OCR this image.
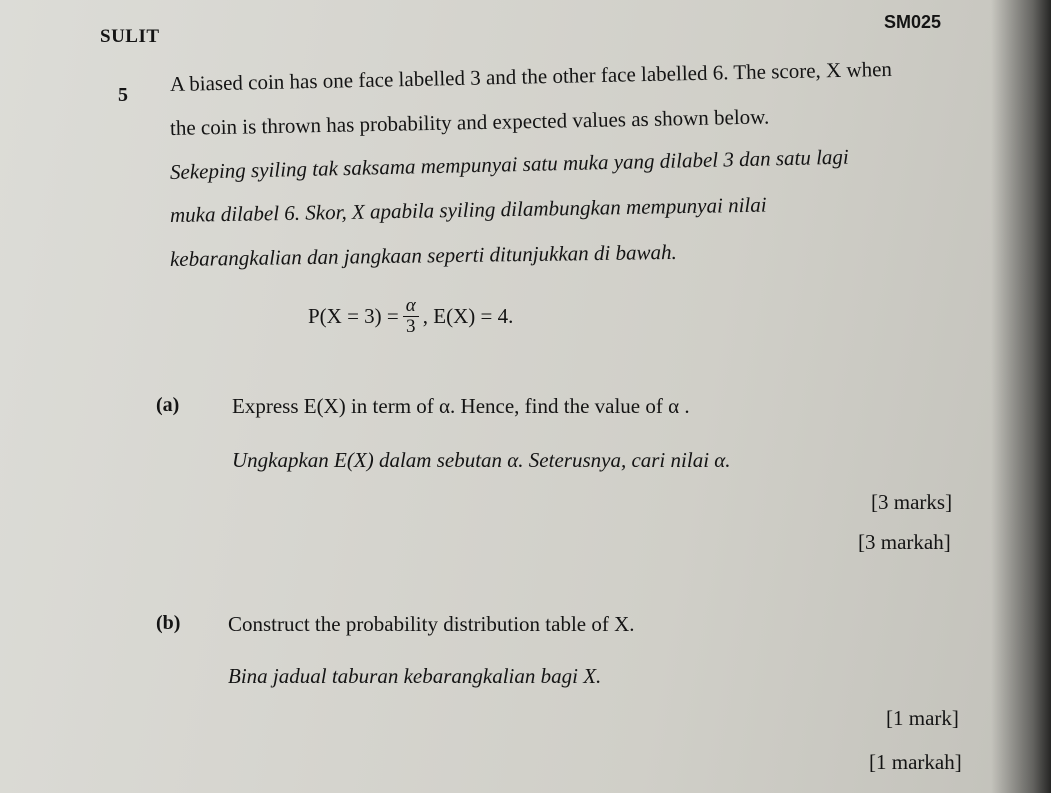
SULIT
SM025
5 A biased coin has one face labelled 3 and the other face labelled 6. The score, X when
the coin is thrown has probability and expected values as shown below.
Sekeping syiling tak saksama mempunyai satu muka yang dilabel 3 dan satu lagi
muka dilabel 6. Skor, X apabila syiling dilambungkan mempunyai nilai
kebarangkalian dan jangkaan seperti ditunjukkan di bawah.
$P(X = 3) = \frac{\alpha}{3}$ , E(X) = 4.
(a)	Express E(X) in term of α. Hence, find the value of α .
Ungkapkan E(X) dalam sebutan α. Seterusnya, cari nilai α.
[3 marks]
[3 markah]
(b) Construct the probability distribution table of X.
Bina jadual taburan kebarangkalian bagi X.
[1 mark]
[1 markah]
